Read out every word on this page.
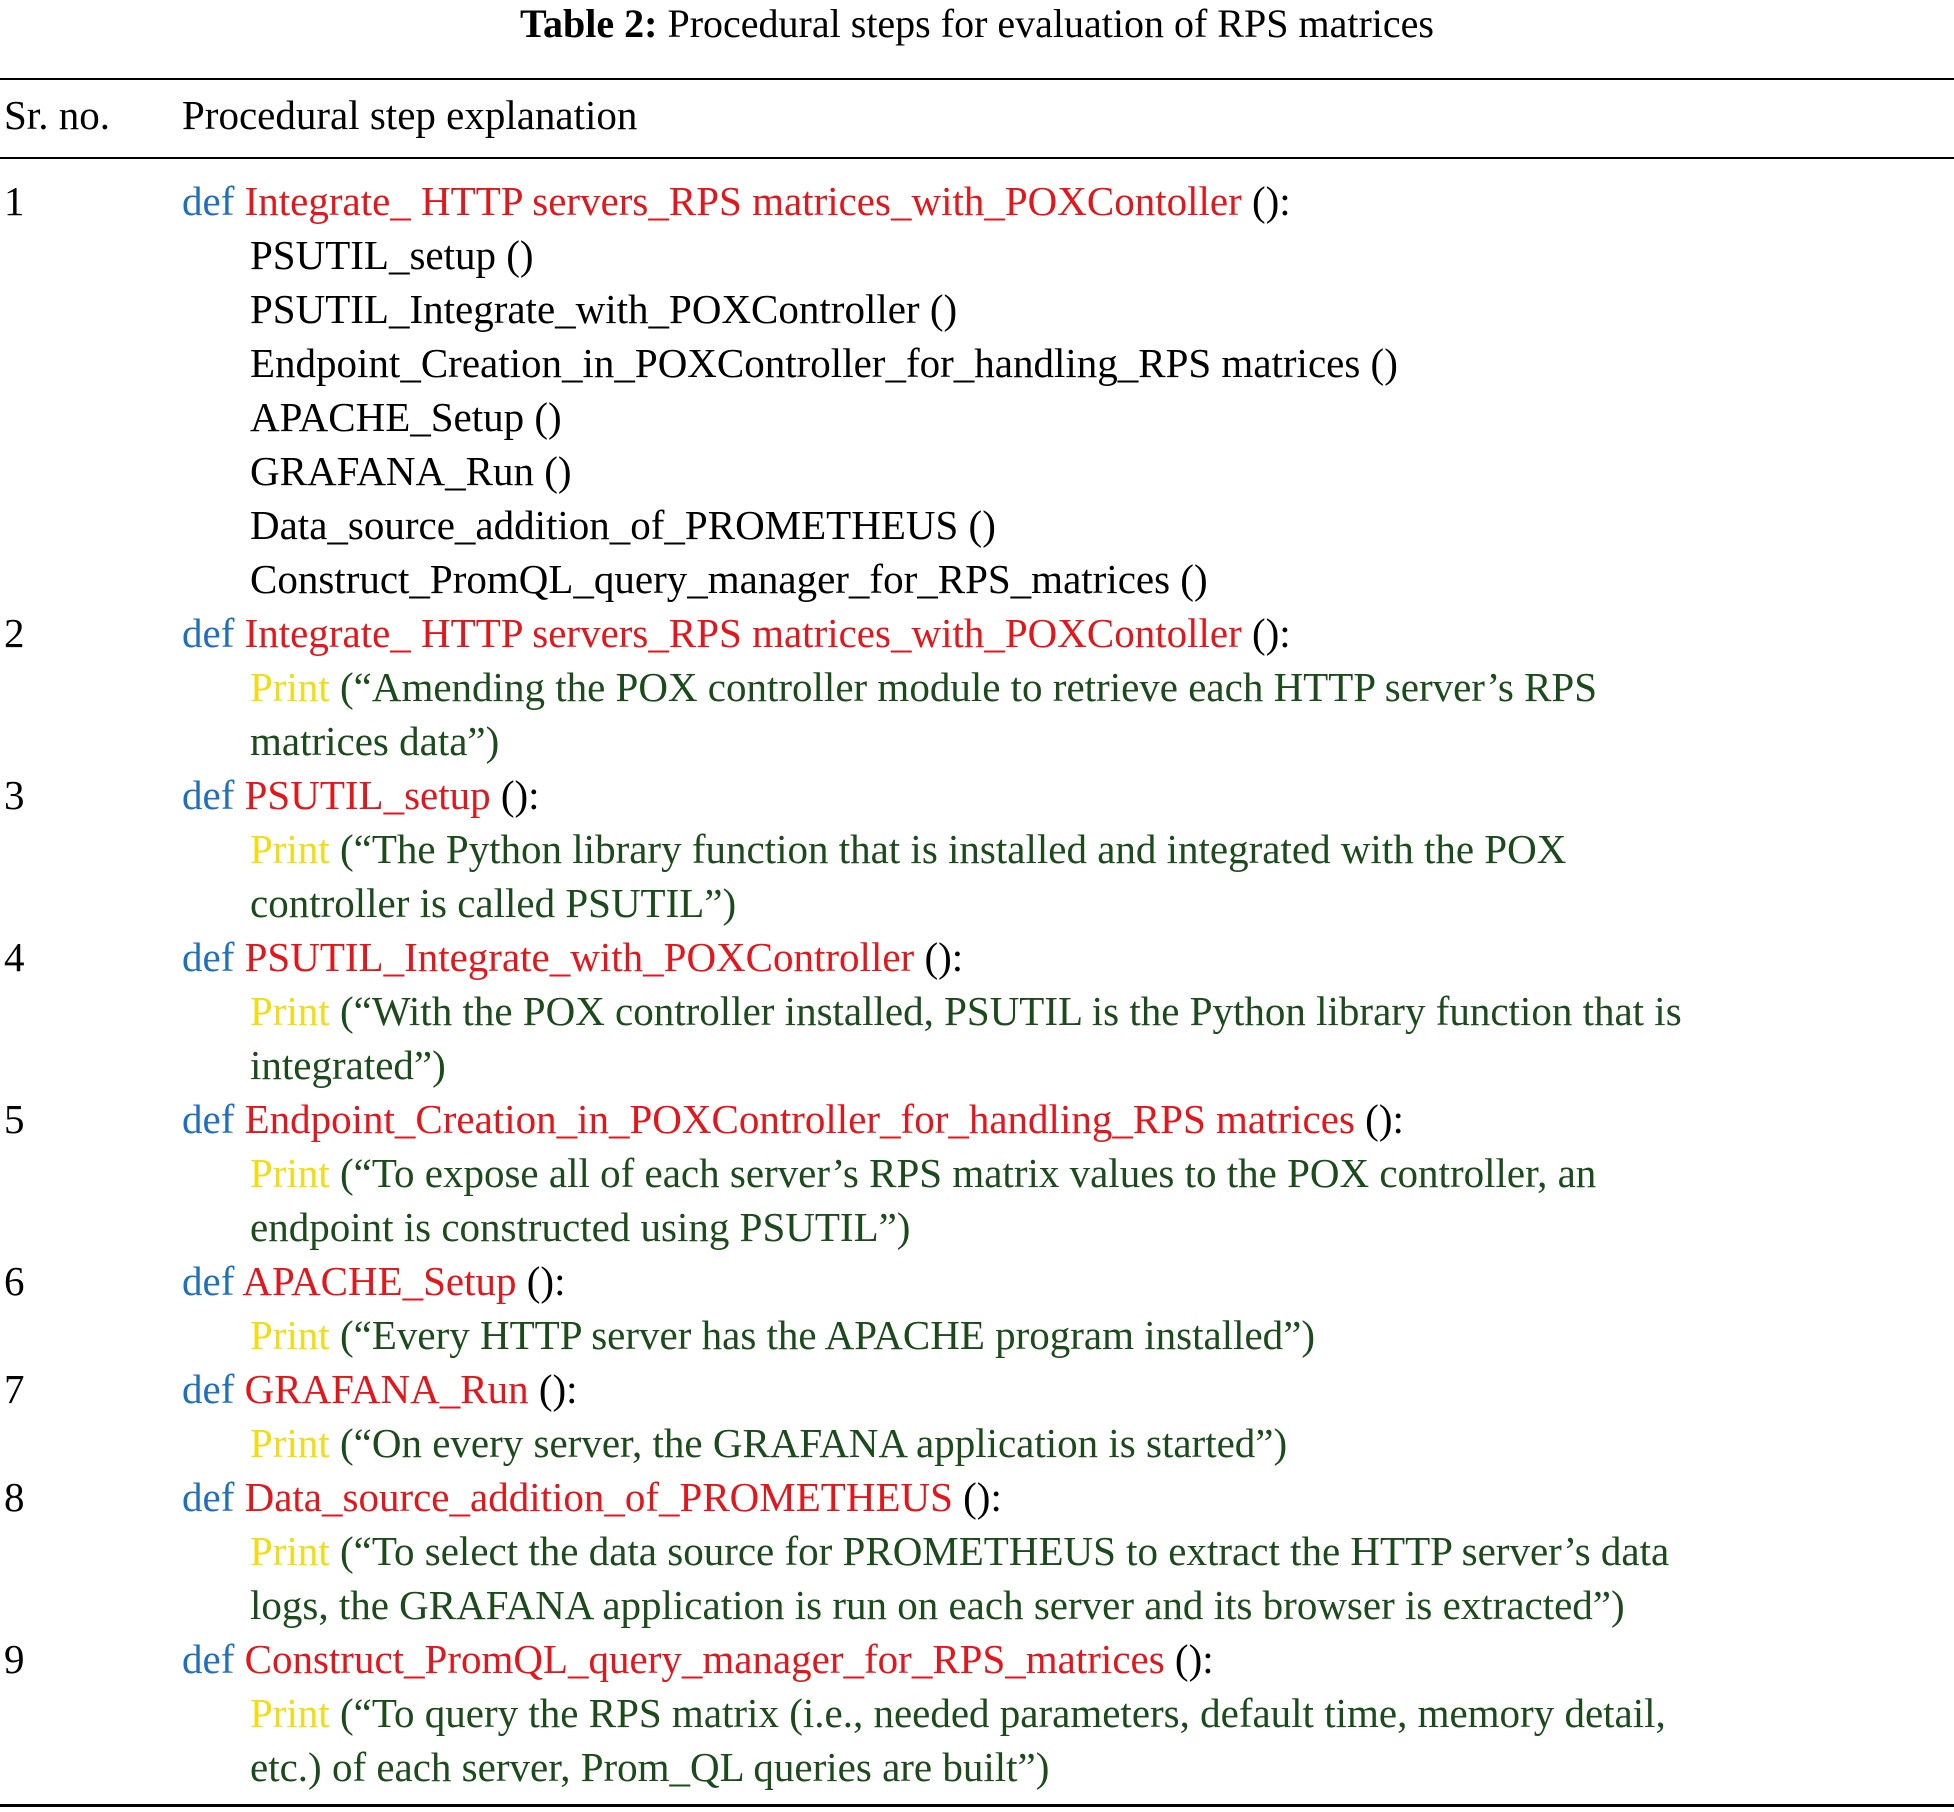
Table 2: Procedural steps for evaluation of RPS matrices
Sr. no. Procedural step explanation
1	def Integrate_ HTTP servers_RPS matrices_with_POXContoller ():
PSUTIL_setup ()
PSUTIL_Integrate_with_POXController ()
Endpoint_Creation_in_POXController_for_handling_RPS matrices ()
APACHE_Setup ()
GRAFANA_Run ()
Data_source_addition_of_PROMETHEUS ()
Construct_PromQL_query_manager_for_RPS_matrices ()
2	def Integrate_ HTTP servers_RPS matrices_with_POXContoller ():
Print (“Amending the POX controller module to retrieve each HTTP server’s RPS
matrices data”)
3	def PSUTIL_setup ():
Print (“The Python library function that is installed and integrated with the POX
controller is called PSUTIL”)
4	def PSUTIL_Integrate_with_POXController ():
Print (“With the POX controller installed, PSUTIL is the Python library function that is
integrated”)
5	def Endpoint_Creation_in_POXController_for_handling_RPS matrices ():
Print (“To expose all of each server’s RPS matrix values to the POX controller, an
endpoint is constructed using PSUTIL”)
6	def APACHE_Setup ():
Print (“Every HTTP server has the APACHE program installed”)
7	def GRAFANA_Run ():
Print (“On every server, the GRAFANA application is started”)
8	def Data_source_addition_of_PROMETHEUS ():
Print (“To select the data source for PROMETHEUS to extract the HTTP server’s data
logs, the GRAFANA application is run on each server and its browser is extracted”)
9	def Construct_PromQL_query_manager_for_RPS_matrices ():
Print (“To query the RPS matrix (i.e., needed parameters, default time, memory detail,
etc.) of each server, Prom_QL queries are built”)
